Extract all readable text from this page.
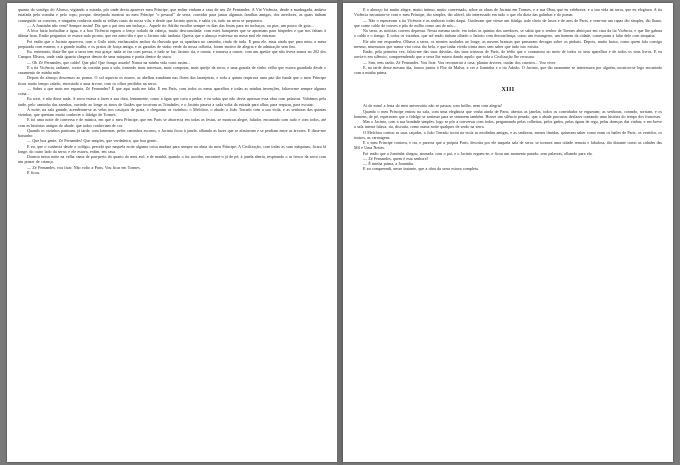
quanto do sossêgo do Afonso, vigiando a estrada, pôr onde devia aparecer meu Príncipe, que enfim vinham a casa de seu Zé Fernandes. A Via Vicência, desde a madrugada, andava estafada pela cozinha e pelo copo, porque, desejando mostrar ao meu Príncipe "o pessoal" de serra, convidar para jantar algumas famílias amigas, dos arredores, as quais tinham conseguido os convites, e ninguém conhecia ainda as velhas casas da nossa vila, e desde que Jacinto queria, e sabia vir, tudo na serra se preparava.

— A Joaninha não vem? Sempre assim! Diz que o pai tem um inchaço... Aquele tio Adrião escolhe sempre os dias das festas para ter inchaços, ou pior, um pouco de gota...

A bica fazia borbulhar a água, e a boa Vicência ergueu o lenço rodado da cabeça, muito desconsolada: com estes banquetes que se aprontam para hóspedes e que nos faltam à última hora. Então perguntou se estava tudo pronto, que era meio-dia e que o Jacinto não tardaria. Queria que o almoço estivesse na mesa mal ele entrasse.

Foi então que o Jacinto apareceu, com o Grilo atrás, encharcados ambos da chuvada que os apanhara no caminho, rindo de tudo. E para ele, mais ainda que para mim, a mesa preparada com esmero, e a grande toalha, e os pratos de louça antiga, e as garrafas de vinho verde da nossa colheita, foram motivo de alegria e de admiração sem fim.

Eu, entretanto, dizia-lhe que a serra tem esta graça: nada se faz com pressa, e tudo se faz. Jacinto ria, e comia, e tornava a comer, com um apetite que não tivera nunca no 202 dos Campos Elíseos, onde cada iguaria chegava dentro de uma máquina e partia dentro de outra.

— Oh Zé Fernandes, que caldo! Que pão! Que frango assado! Nunca na minha vida comi assim...

E a tia Vicência, radiante, corria da cozinha para a sala, trazendo mais travessas, mais compotas, mais queijo da serra, e uma garrafa de vinho velho que estava guardada desde o casamento de minha mãe.

Depois do almoço descemos ao pomar. O sol aquecia os muros, as abelhas zumbiam nas flores das laranjeiras, e toda a quinta respirava uma paz tão funda que o meu Príncipe ficou muito tempo calado, encostado a uma árvore, com os olhos perdidos na serra.

— Sabes o que mais me espanta, Zé Fernandes? É que aqui nada me falta. E em Paris, com todos os meus aparelhos e todas as minhas invenções, faltava-me sempre alguma coisa...

Eu sorri, e não disse nada. A serra estava a fazer a sua obra, lentamente, como a água que cava a pedra; e eu sabia que não devia apressar essa obra com palavras. Voltámos pela tarde, pelo caminho das azenhas, ouvindo ao longe os sinos de Guiães que tocavam as Trindades, e o Jacinto parava a cada volta da estrada para olhar, para respirar, para escutar.

À noite, na sala grande, acenderam-se as velas nos castiçais de prata, e chegaram os vizinhos: o Melchior, o abade, o João Torrado com a sua viola, e as senhoras das quintas vizinhas, que queriam muito conhecer o fidalgo de Tormes.

E foi uma noite de conversa e de música, em que o meu Príncipe, que em Paris se aborrecia em todas as festas, se mostrou alegre, falador, encantado com tudo e com todos, até com as histórias antigas do abade, que todos conheciam de cor.

Quando os vizinhos partiram, já tarde, com lanternas, pelos caminhos escuros, o Jacinto ficou à janela, olhando as luzes que se afastavam e se perdiam entre as árvores. E disse-me baixinho:

— Que boa gente, Zé Fernandes! Que simples, que verdadeira, que boa gente...

E eu, que o conhecia desde o colégio, percebi que naquela noite alguma coisa mudara para sempre na alma do meu Príncipe. A Civilização, com todas as suas máquinas, ficara lá longe, do outro lado da serra; e ele estava, enfim, em casa.

Dormiu nessa noite na velha cama de pau-preto do quarto do meu avô, e de manhã, quando o fui acordar, encontrei-o já de pé, à janela aberta, respirando o ar fresco da serra com um prazer de criança.

— Zé Fernandes, vou ficar. Não volto a Paris. Vou ficar em Tormes.

E ficou.

E o almoço foi muito alegre, muito íntimo, muito conversado, sobre as obras de Jacinto em Tormes, e a sua Obra, que eu celebrava, e a sua vida na serra, que eu elogiava. A tia Vicência encantara-se com o meu Príncipe, tão simples, tão afável, tão interessado em tudo o que ela dizia das galinhas e do pomar.

— Não o esperavam a tia Vicência e as senhoras todas daqui. Cuidavam que viesse um fidalgo todo cheio de luxos e de ares de Paris, e vem-me um rapaz tão simples, tão lhano, que come caldo de couves e pão de milho como um de nós...

Na serra, as notícias correm depressa. Nessa mesma tarde, em todas as quintas dos arredores, se sabia que o senhor de Tormes almoçara em casa da tia Vicência, e que lhe gabara o caldo e o frango. E todos os vizinhos, que até então tinham olhado o Jacinto com desconfiança, como um estrangeiro, um homem da cidade, começaram a falar dele com simpatia.

Ele não me respondeu. Olhava a serra, os montes azulados ao longe, as nuvens brancas que passavam devagar sobre os pinhais. Depois, muito baixo, como quem fala consigo mesmo, murmurou que nunca vira coisa tão bela, e que tinha vivido trinta anos sem saber que tudo isto existia.

Então, pela primeira vez, falou-me das suas dúvidas, das suas tristezas de Paris, do tédio que o consumira no meio de todos os seus aparelhos e de todos os seus livros. E eu ouvia-o em silêncio, compreendendo que a serra lhe estava dando aquilo que toda a Civilização lhe recusara.

— Sim, tens razão, Zé Fernandes. Vou ficar. Vou reconstruir a casa, plantar árvores, cuidar dos caseiros... Vou viver.

E, na tarde desse mesmo dia, fomos juntos à Flor da Malva, a ver a Joaninha e o tio Adrião. O Jacinto, que tão raramente se interessava por alguém, mostrou-se logo encantado com a minha prima.

XIII

Ai de mim! a festa do meu aniversário não se passou com brilho, nem com alegria!

Quando o meu Príncipe entrou na sala, com uma elegância que vinha ainda de Paris, abertas as janelas, todos os convidados se ergueram; as senhoras, corando, sorriam, e os homens, de pé, esperavam que o fidalgo se sentasse para se sentarem também. Houve um silêncio pesado, que o abade procurou desfazer contando uma história do tempo dos franceses.

Mas o Jacinto, com a sua bondade simples, logo se pôs a conversar com todos, perguntando pelas colheitas, pelos gados, pelas águas de rega, pelas doenças das vinhas; e em breve a sala inteira falava, ria, discutia, como numa noite qualquer de serão na serra.

O Melchior contou as suas caçadas, o João Torrado tocou na viola as modinhas antigas, e as senhoras, menos tímidas, quiseram saber como eram os bailes de Paris, os vestidos, os teatros, as carruagens.

E o meu Príncipe contava, e ria, e parecia que a própria Paris, descrita por ele naquela sala de serra, se tornava uma cidade remota e fabulosa, tão distante como as cidades das Mil e Uma Noites.

Foi então que a Joaninha chegou, atrasada, com o pai, e o Jacinto ergueu-se, e ficou um momento parado, sem palavras, olhando para ela.

— Zé Fernandes, quem é esta senhora?

— É minha prima, a Joaninha.

E eu compreendi, nesse instante, que a obra da serra estava completa.
